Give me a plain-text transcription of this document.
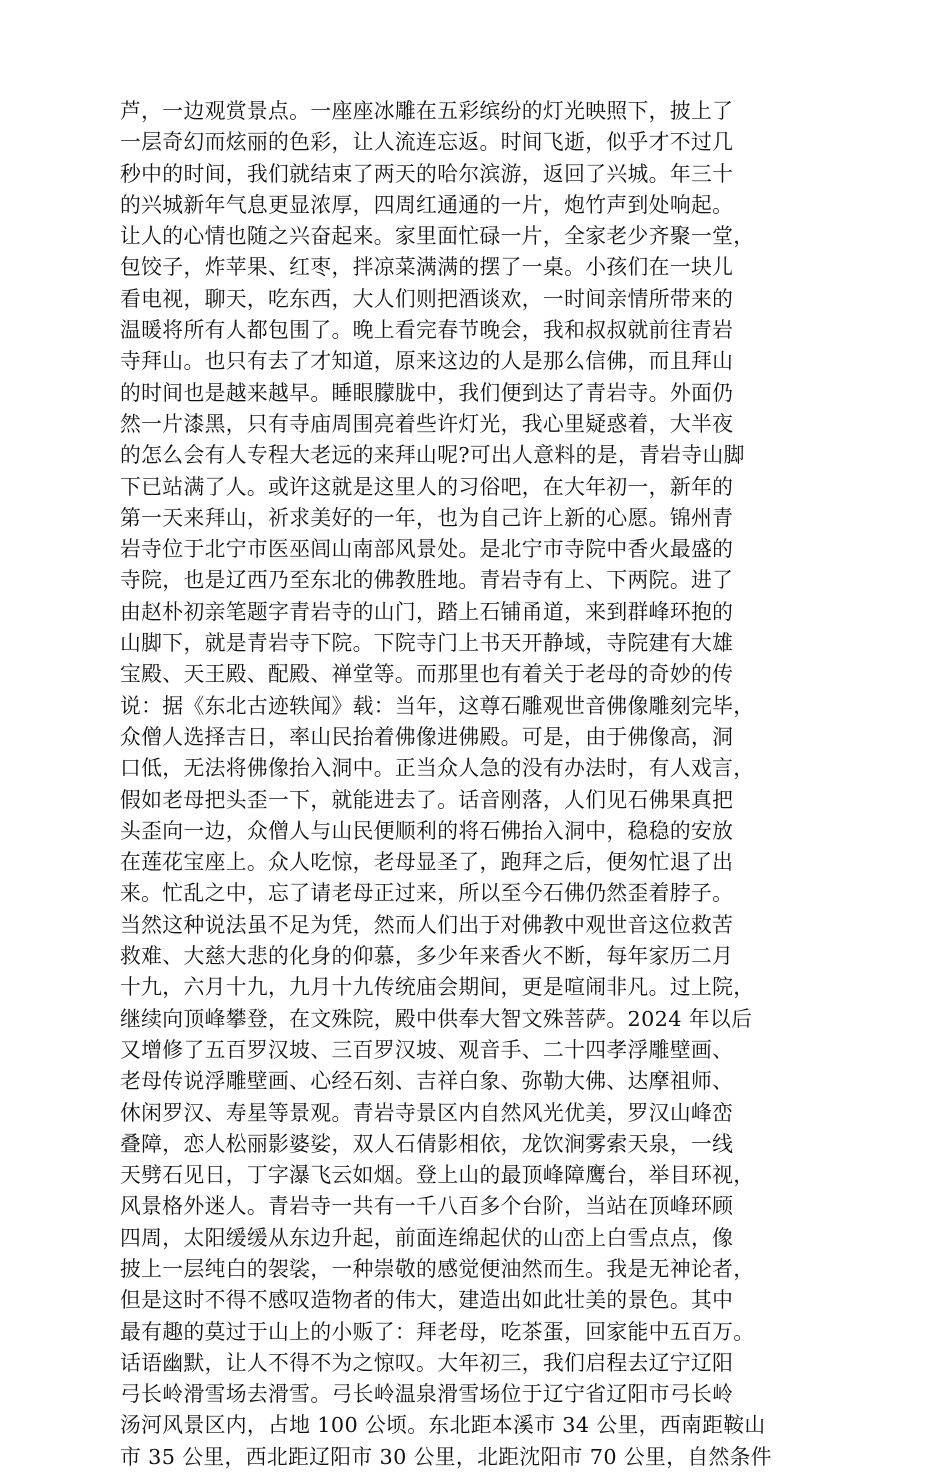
芦，一边观赏景点。一座座冰雕在五彩缤纷的灯光映照下，披上了
一层奇幻而炫丽的色彩，让人流连忘返。时间飞逝，似乎才不过几
秒中的时间，我们就结束了两天的哈尔滨游，返回了兴城。年三十
的兴城新年气息更显浓厚，四周红通通的一片，炮竹声到处响起。
让人的心情也随之兴奋起来。家里面忙碌一片，全家老少齐聚一堂，
包饺子，炸苹果、红枣，拌凉菜满满的摆了一桌。小孩们在一块儿
看电视，聊天，吃东西，大人们则把酒谈欢，一时间亲情所带来的
温暖将所有人都包围了。晚上看完春节晚会，我和叔叔就前往青岩
寺拜山。也只有去了才知道，原来这边的人是那么信佛，而且拜山
的时间也是越来越早。睡眼朦胧中，我们便到达了青岩寺。外面仍
然一片漆黑，只有寺庙周围亮着些许灯光，我心里疑惑着，大半夜
的怎么会有人专程大老远的来拜山呢?可出人意料的是，青岩寺山脚
下已站满了人。或许这就是这里人的习俗吧，在大年初一，新年的
第一天来拜山，祈求美好的一年，也为自己许上新的心愿。锦州青
岩寺位于北宁市医巫闾山南部风景处。是北宁市寺院中香火最盛的
寺院，也是辽西乃至东北的佛教胜地。青岩寺有上、下两院。进了
由赵朴初亲笔题字青岩寺的山门，踏上石铺甬道，来到群峰环抱的
山脚下，就是青岩寺下院。下院寺门上书天开静域，寺院建有大雄
宝殿、天王殿、配殿、禅堂等。而那里也有着关于老母的奇妙的传
说：据《东北古迹轶闻》载：当年，这尊石雕观世音佛像雕刻完毕，
众僧人选择吉日，率山民抬着佛像进佛殿。可是，由于佛像高，洞
口低，无法将佛像抬入洞中。正当众人急的没有办法时，有人戏言，
假如老母把头歪一下，就能进去了。话音刚落，人们见石佛果真把
头歪向一边，众僧人与山民便顺利的将石佛抬入洞中，稳稳的安放
在莲花宝座上。众人吃惊，老母显圣了，跑拜之后，便匆忙退了出
来。忙乱之中，忘了请老母正过来，所以至今石佛仍然歪着脖子。
当然这种说法虽不足为凭，然而人们出于对佛教中观世音这位救苦
救难、大慈大悲的化身的仰慕，多少年来香火不断，每年家历二月
十九，六月十九，九月十九传统庙会期间，更是喧闹非凡。过上院，
继续向顶峰攀登，在文殊院，殿中供奉大智文殊菩萨。2024 年以后
又增修了五百罗汉坡、三百罗汉坡、观音手、二十四孝浮雕壁画、
老母传说浮雕壁画、心经石刻、吉祥白象、弥勒大佛、达摩祖师、
休闲罗汉、寿星等景观。青岩寺景区内自然风光优美，罗汉山峰峦
叠障，恋人松丽影婆娑，双人石倩影相依，龙饮涧雾索天泉，一线
天劈石见日，丁字瀑飞云如烟。登上山的最顶峰障鹰台，举目环视，
风景格外迷人。青岩寺一共有一千八百多个台阶，当站在顶峰环顾
四周，太阳缓缓从东边升起，前面连绵起伏的山峦上白雪点点，像
披上一层纯白的袈裟，一种崇敬的感觉便油然而生。我是无神论者，
但是这时不得不感叹造物者的伟大，建造出如此壮美的景色。其中
最有趣的莫过于山上的小贩了：拜老母，吃茶蛋，回家能中五百万。
话语幽默，让人不得不为之惊叹。大年初三，我们启程去辽宁辽阳
弓长岭滑雪场去滑雪。弓长岭温泉滑雪场位于辽宁省辽阳市弓长岭
汤河风景区内，占地 100 公顷。东北距本溪市 34 公里，西南距鞍山
市 35 公里，西北距辽阳市 30 公里，北距沈阳市 70 公里，自然条件
